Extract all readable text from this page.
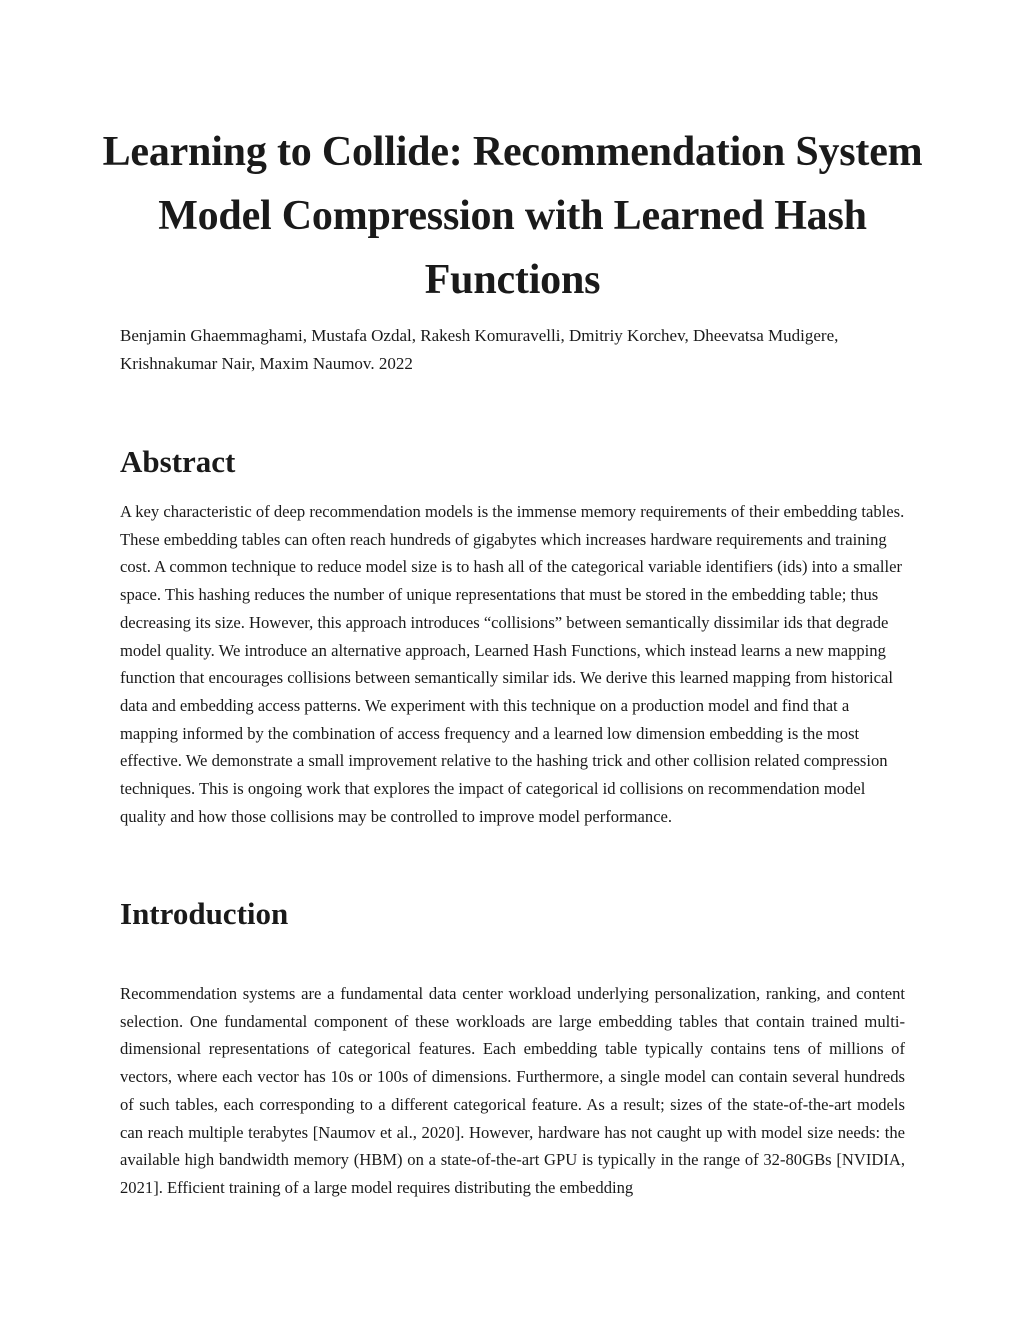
Learning to Collide: Recommendation System Model Compression with Learned Hash Functions

Benjamin Ghaemmaghami, Mustafa Ozdal, Rakesh Komuravelli, Dmitriy Korchev, Dheevatsa Mudigere, Krishnakumar Nair, Maxim Naumov. 2022

Abstract

A key characteristic of deep recommendation models is the immense memory requirements of their embedding tables. These embedding tables can often reach hundreds of gigabytes which increases hardware requirements and training cost. A common technique to reduce model size is to hash all of the categorical variable identifiers (ids) into a smaller space. This hashing reduces the number of unique representations that must be stored in the embedding table; thus decreasing its size. However, this approach introduces “collisions” between semantically dissimilar ids that degrade model quality. We introduce an alternative approach, Learned Hash Functions, which instead learns a new mapping function that encourages collisions between semantically similar ids. We derive this learned mapping from historical data and embedding access patterns. We experiment with this technique on a production model and find that a mapping informed by the combination of access frequency and a learned low dimension embedding is the most effective. We demonstrate a small improvement relative to the hashing trick and other collision related compression techniques. This is ongoing work that explores the impact of categorical id collisions on recommendation model quality and how those collisions may be controlled to improve model performance.

Introduction

Recommendation systems are a fundamental data center workload underlying personalization, ranking, and content selection. One fundamental component of these workloads are large embedding tables that contain trained multi-dimensional representations of categorical features. Each embedding table typically contains tens of millions of vectors, where each vector has 10s or 100s of dimensions. Furthermore, a single model can contain several hundreds of such tables, each corresponding to a different categorical feature. As a result; sizes of the state-of-the-art models can reach multiple terabytes [Naumov et al., 2020]. However, hardware has not caught up with model size needs: the available high bandwidth memory (HBM) on a state-of-the-art GPU is typically in the range of 32-80GBs [NVIDIA, 2021]. Efficient training of a large model requires distributing the embedding
